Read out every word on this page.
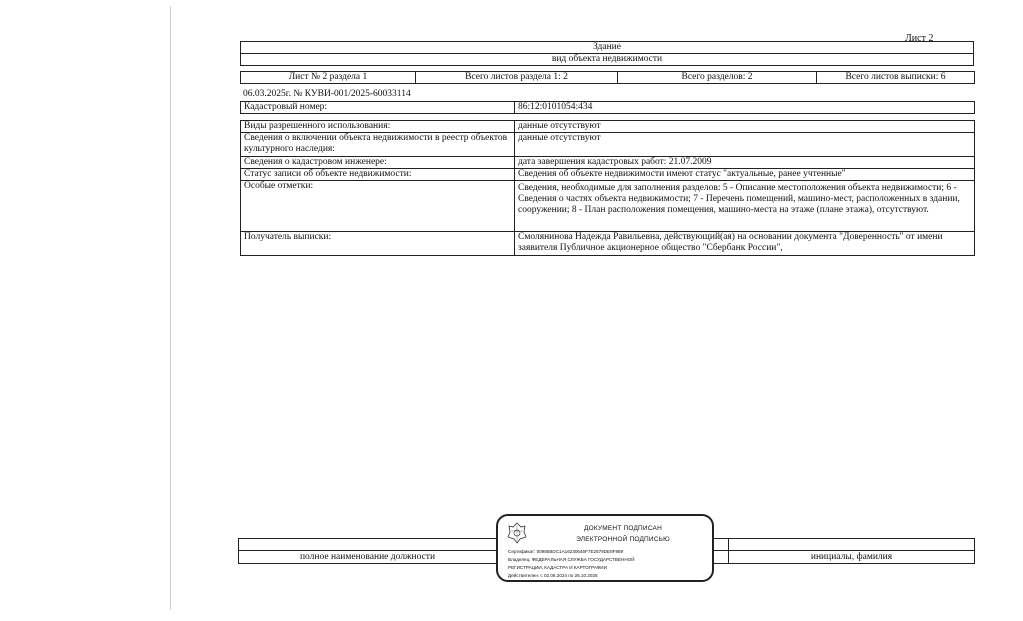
Лист 2
Здание
вид объекта недвижимости
Лист № 2 раздела 1	Всего листов раздела 1: 2	Всего разделов: 2	Всего листов выписки: 6
06.03.2025г. № КУВИ-001/2025-60033114
Кадастровый номер:	86:12:0101054:434
Виды разрешенного использования:	данные отсутствуют
Сведения о включении объекта недвижимости в реестр объектов культурного наследия:	данные отсутствуют
Сведения о кадастровом инженере:	дата завершения кадастровых работ: 21.07.2009
Статус записи об объекте недвижимости:	Сведения об объекте недвижимости имеют статус "актуальные, ранее учтенные"
Особые отметки:	Сведения, необходимые для заполнения разделов: 5 - Описание местоположения объекта недвижимости; 6 - Сведения о частях объекта недвижимости; 7 - Перечень помещений, машино-мест, расположенных в здании, сооружении; 8 - План расположения помещения, машино-места на этаже (плане этажа), отсутствуют.
Получатель выписки:	Смолянинова Надежда Равильевна, действующий(ая) на основании документа "Доверенность" от имени заявителя Публичное акционерное общество "Сбербанк России",

полное наименование должности		инициалы, фамилия
ДОКУМЕНТ ПОДПИСАН
ЭЛЕКТРОННОЙ ПОДПИСЬЮ
Сертификат: 00985BDC1A16230645F7E2579DE8F889
Владелец: ФЕДЕРАЛЬНАЯ СЛУЖБА ГОСУДАРСТВЕННОЙ
РЕГИСТРАЦИИ, КАДАСТРА И КАРТОГРАФИИ
Действителен: с 02.08.2024 по 26.10.2025
